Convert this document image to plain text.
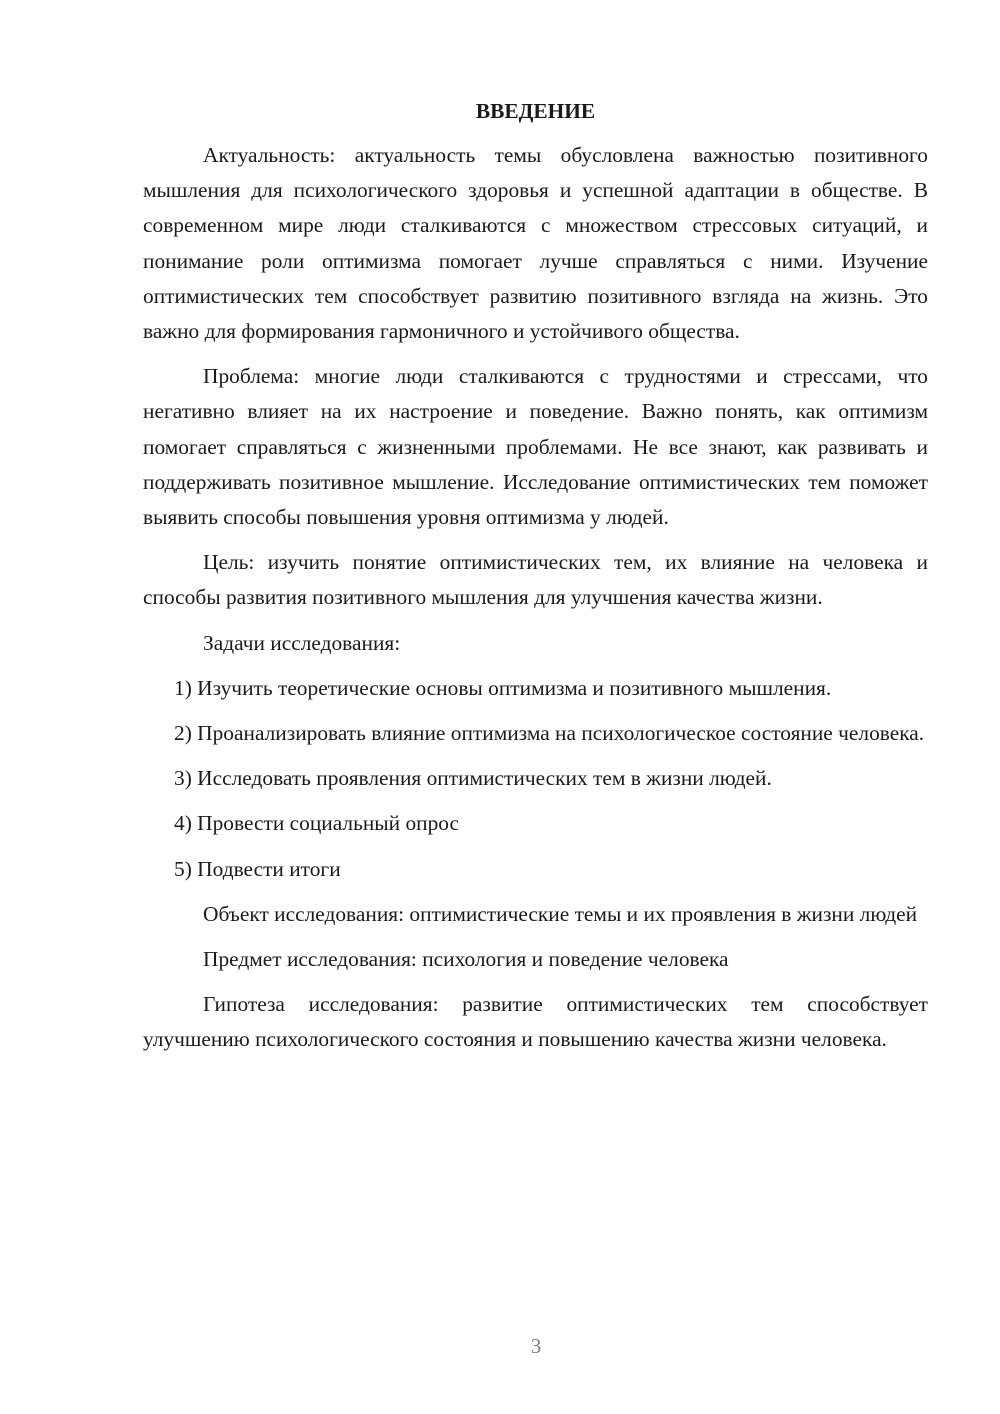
ВВЕДЕНИЕ

Актуальность: актуальность темы обусловлена важностью позитивного мышления для психологического здоровья и успешной адаптации в обществе. В современном мире люди сталкиваются с множеством стрессовых ситуаций, и понимание роли оптимизма помогает лучше справляться с ними. Изучение оптимистических тем способствует развитию позитивного взгляда на жизнь. Это важно для формирования гармоничного и устойчивого общества.

Проблема: многие люди сталкиваются с трудностями и стрессами, что негативно влияет на их настроение и поведение. Важно понять, как оптимизм помогает справляться с жизненными проблемами. Не все знают, как развивать и поддерживать позитивное мышление. Исследование оптимистических тем поможет выявить способы повышения уровня оптимизма у людей.

Цель: изучить понятие оптимистических тем, их влияние на человека и способы развития позитивного мышления для улучшения качества жизни.

Задачи исследования:

1) Изучить теоретические основы оптимизма и позитивного мышления.

2) Проанализировать влияние оптимизма на психологическое состояние человека.

3) Исследовать проявления оптимистических тем в жизни людей.

4) Провести социальный опрос

5) Подвести итоги

Объект исследования: оптимистические темы и их проявления в жизни людей

Предмет исследования: психология и поведение человека

Гипотеза исследования: развитие оптимистических тем способствует улучшению психологического состояния и повышению качества жизни человека.

3
